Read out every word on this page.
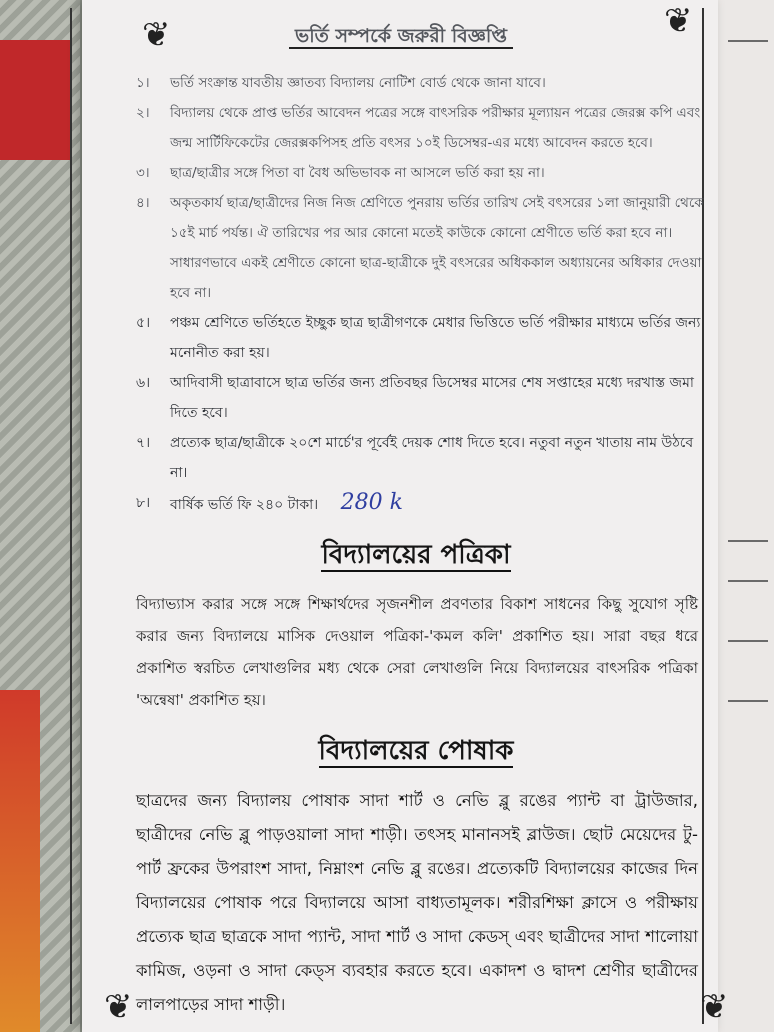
❦	❦
❦	❦
ভর্তি সম্পর্কে জরুরী বিজ্ঞপ্তি
১।	ভর্তি সংক্রান্ত যাবতীয় জ্ঞাতব্য বিদ্যালয় নোটিশ বোর্ড থেকে জানা যাবে।
২।	বিদ্যালয় থেকে প্রাপ্ত ভর্তির আবেদন পত্রের সঙ্গে বাৎসরিক পরীক্ষার মূল্যায়ন পত্রের জেরক্স কপি এবং জন্ম সার্টিফিকেটের জেরক্সকপিসহ প্রতি বৎসর ১০ই ডিসেম্বর-এর মধ্যে আবেদন করতে হবে।
৩।	ছাত্র/ছাত্রীর সঙ্গে পিতা বা বৈধ অভিভাবক না আসলে ভর্তি করা হয় না।
৪।	অকৃতকার্য ছাত্র/ছাত্রীদের নিজ নিজ শ্রেণিতে পুনরায় ভর্তির তারিখ সেই বৎসরের ১লা জানুয়ারী থেকে ১৫ই মার্চ পর্যন্ত। ঐ তারিখের পর আর কোনো মতেই কাউকে কোনো শ্রেণীতে ভর্তি করা হবে না। সাধারণভাবে একই শ্রেণীতে কোনো ছাত্র-ছাত্রীকে দুই বৎসরের অধিককাল অধ্যায়নের অধিকার দেওয়া হবে না।
৫।	পঞ্চম শ্রেণিতে ভর্তিহতে ইচ্ছুক ছাত্র ছাত্রীগণকে মেধার ভিত্তিতে ভর্তি পরীক্ষার মাধ্যমে ভর্তির জন্য মনোনীত করা হয়।
৬।	আদিবাসী ছাত্রাবাসে ছাত্র ভর্তির জন্য প্রতিবছর ডিসেম্বর মাসের শেষ সপ্তাহের মধ্যে দরখাস্ত জমা দিতে হবে।
৭।	প্রত্যেক ছাত্র/ছাত্রীকে ২০শে মার্চে'র পূর্বেই দেয়ক শোধ দিতে হবে। নতুবা নতুন খাতায় নাম উঠবে না।
৮।	বার্ষিক ভর্তি ফি ২৪০ টাকা। 280 k
বিদ্যালয়ের পত্রিকা
বিদ্যাভ্যাস করার সঙ্গে সঙ্গে শিক্ষার্থদের সৃজনশীল প্রবণতার বিকাশ সাধনের কিছু সুযোগ সৃষ্টি করার জন্য বিদ্যালয়ে মাসিক দেওয়াল পত্রিকা-'কমল কলি' প্রকাশিত হয়। সারা বছর ধরে প্রকাশিত স্বরচিত লেখাগুলির মধ্য থেকে সেরা লেখাগুলি নিয়ে বিদ্যালয়ের বাৎসরিক পত্রিকা 'অন্বেষা' প্রকাশিত হয়।
বিদ্যালয়ের পোষাক
ছাত্রদের জন্য বিদ্যালয় পোষাক সাদা শার্ট ও নেভি ব্লু রঙের প্যান্ট বা ট্রাউজার, ছাত্রীদের নেভি ব্লু পাড়ওয়ালা সাদা শাড়ী। তৎসহ মানানসই ব্লাউজ। ছোট মেয়েদের টু-পার্ট ফ্রকের উপরাংশ সাদা, নিম্নাংশ নেভি ব্লু রঙের। প্রত্যেকটি বিদ্যালয়ের কাজের দিন বিদ্যালয়ের পোষাক পরে বিদ্যালয়ে আসা বাধ্যতামূলক। শরীরশিক্ষা ক্লাসে ও পরীক্ষায় প্রত্যেক ছাত্র ছাত্রকে সাদা প্যান্ট, সাদা শার্ট ও সাদা কেডস্ এবং ছাত্রীদের সাদা শালোয়া কামিজ, ওড়না ও সাদা কেড্স ব্যবহার করতে হবে। একাদশ ও দ্বাদশ শ্রেণীর ছাত্রীদের লালপাড়ের সাদা শাড়ী।
